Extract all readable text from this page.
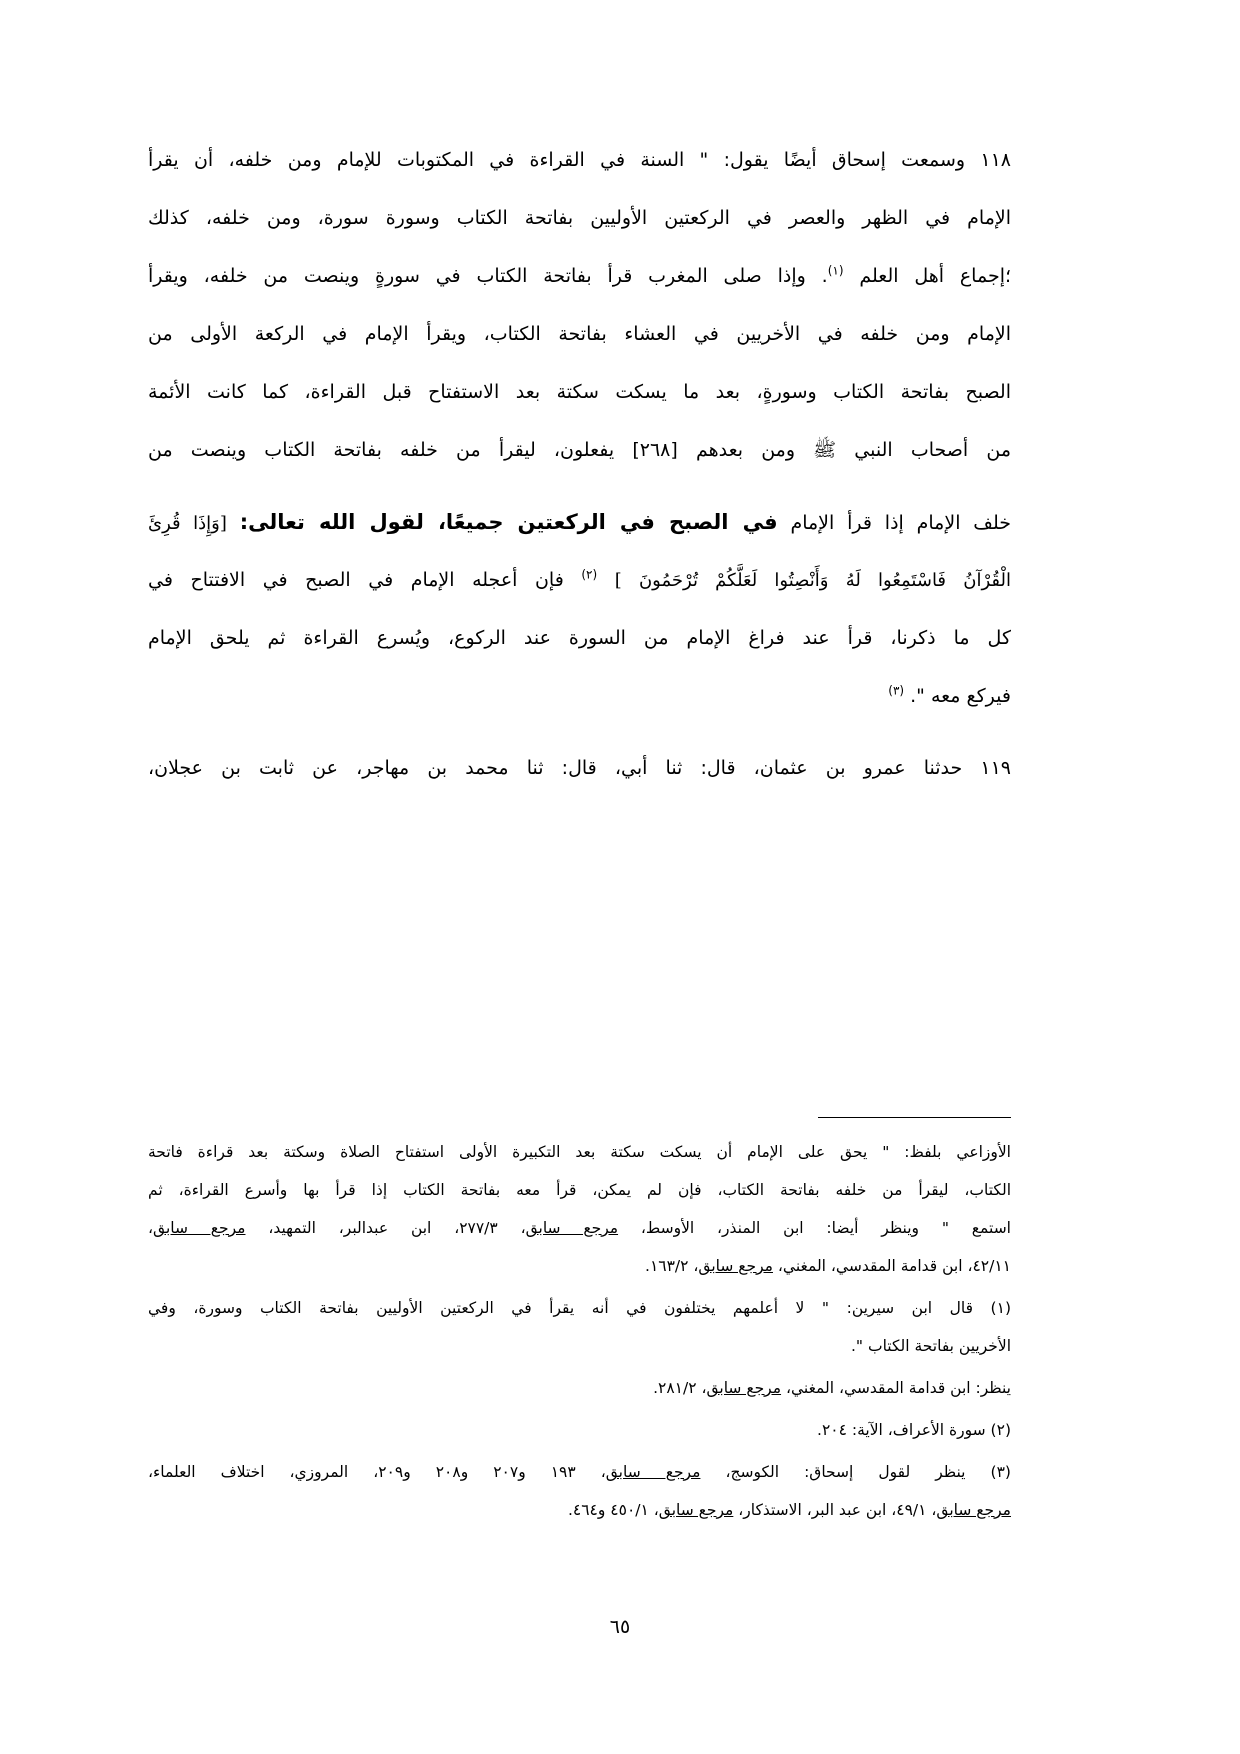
١١٨ وسمعت إسحاق أيضًا يقول: " السنة في القراءة في المكتوبات للإمام ومن خلفه، أن يقرأ
الإمام في الظهر والعصر في الركعتين الأوليين بفاتحة الكتاب وسورة سورة، ومن خلفه، كذلك
؛إجماع أهل العلم $^{(١)}$. وإذا صلى المغرب قرأ بفاتحة الكتاب في سورةٍ وينصت من خلفه، ويقرأ
الإمام ومن خلفه في الأخريين في العشاء بفاتحة الكتاب، ويقرأ الإمام في الركعة الأولى من
الصبح بفاتحة الكتاب وسورةٍ، بعد ما يسكت سكتة بعد الاستفتاح قبل القراءة، كما كانت الأئمة
من أصحاب النبي ﷺ ومن بعدهم [٢٦٨] يفعلون، ليقرأ من خلفه بفاتحة الكتاب وينصت من
خلف الإمام إذا قرأ الإمام في الصبح في الركعتين جميعًا، لقول الله تعالى: [وَإِذَا قُرِئَ
الْقُرْآنُ فَاسْتَمِعُوا لَهُ وَأَنْصِتُوا لَعَلَّكُمْ تُرْحَمُونَ ] $^{(٢)}$ فإن أعجله الإمام في الصبح في الافتتاح في
كل ما ذكرنا، قرأ عند فراغ الإمام من السورة عند الركوع، ويُسرع القراءة ثم يلحق الإمام
فيركع معه ". $^{(٣)}$
١١٩ حدثنا عمرو بن عثمان، قال: ثنا أبي، قال: ثنا محمد بن مهاجر، عن ثابت بن عجلان،
الأوزاعي بلفظ: " يحق على الإمام أن يسكت سكتة بعد التكبيرة الأولى استفتاح الصلاة وسكتة بعد قراءة فاتحة
الكتاب، ليقرأ من خلفه بفاتحة الكتاب، فإن لم يمكن، قرأ معه بفاتحة الكتاب إذا قرأ بها وأسرع القراءة، ثم
استمع " وينظر أيضا: ابن المنذر، الأوسط، مرجع سابق، ٢٧٧/٣، ابن عبدالبر، التمهيد، مرجع سابق،
٤٢/١١، ابن قدامة المقدسي، المغني، مرجع سابق، ١٦٣/٢.
(١) قال ابن سيرين: " لا أعلمهم يختلفون في أنه يقرأ في الركعتين الأوليين بفاتحة الكتاب وسورة، وفي
الأخريين بفاتحة الكتاب ".
ينظر: ابن قدامة المقدسي، المغني، مرجع سابق، ٢٨١/٢.
(٢) سورة الأعراف، الآية: ٢٠٤.
(٣) ينظر لقول إسحاق: الكوسج، مرجع سابق، ١٩٣ و٢٠٧ و٢٠٨ و٢٠٩، المروزي، اختلاف العلماء،
مرجع سابق، ٤٩/١، ابن عبد البر، الاستذكار، مرجع سابق، ٤٥٠/١ و٤٦٤.
٦٥
